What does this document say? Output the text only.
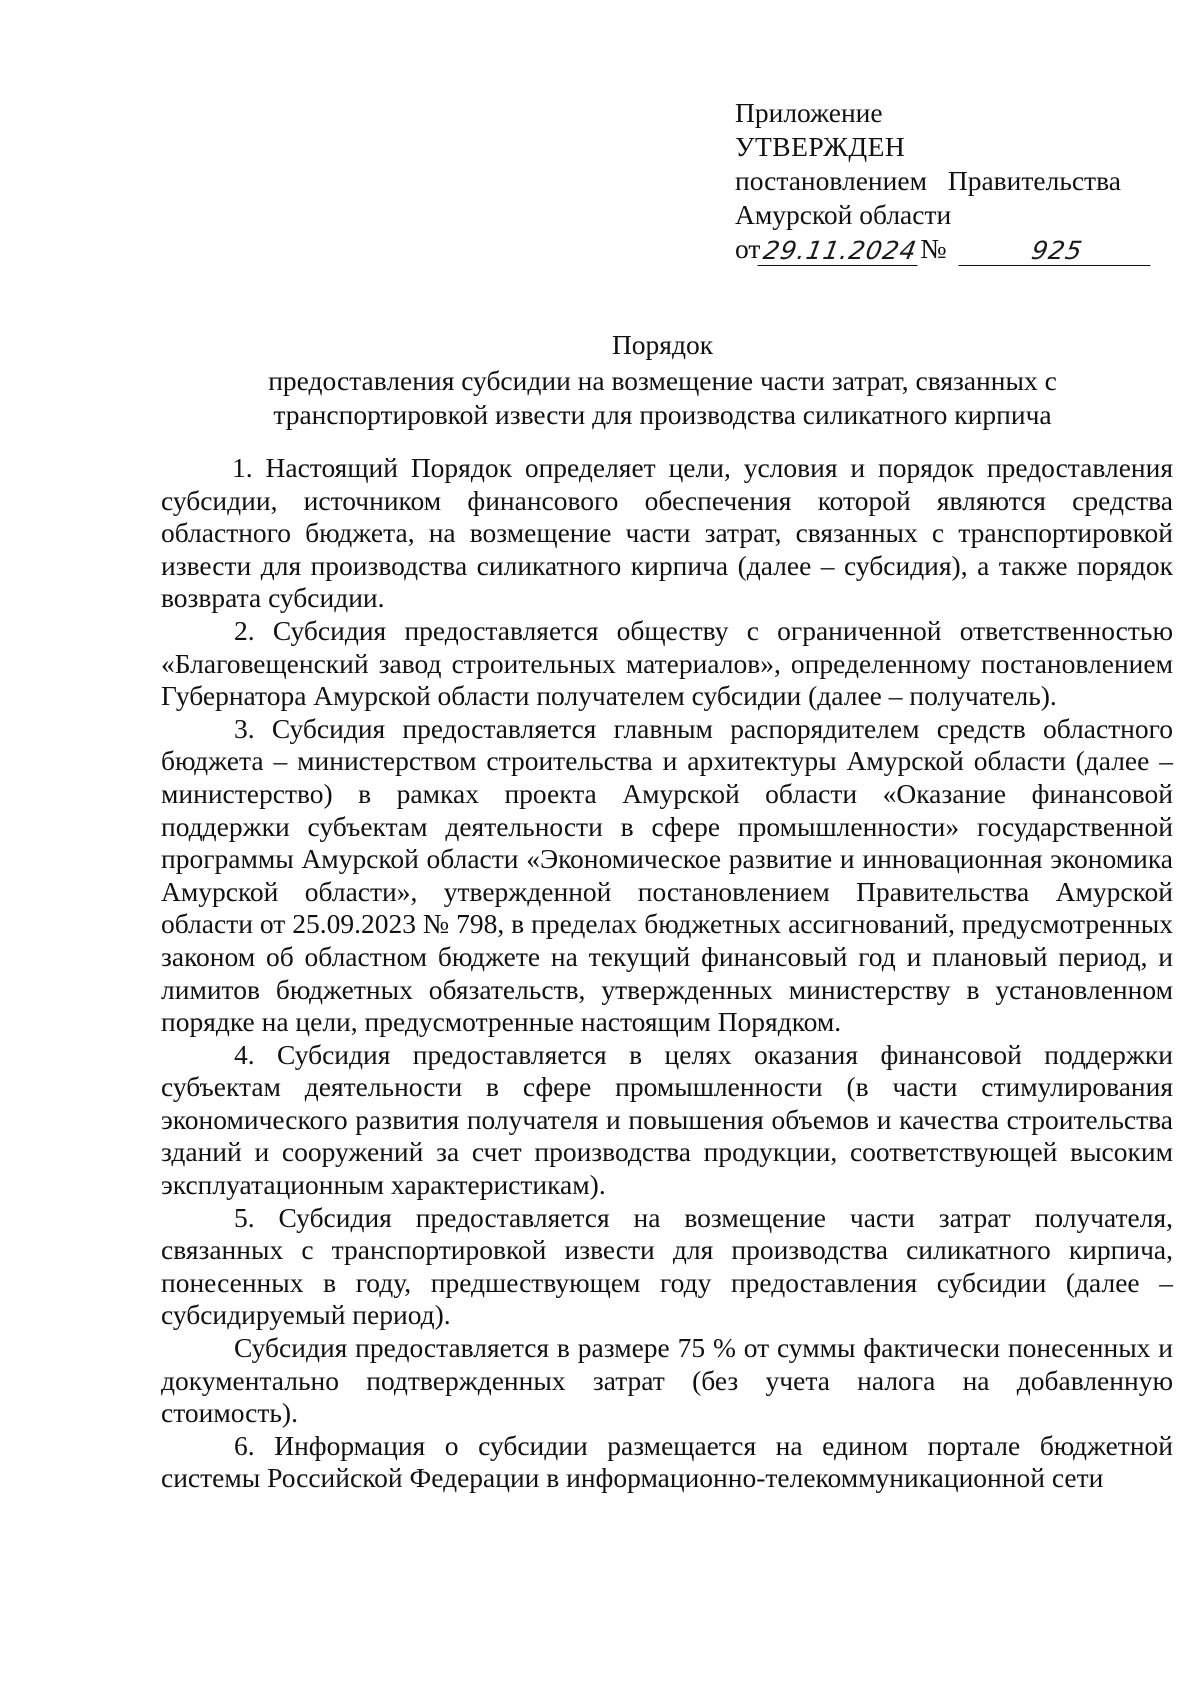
Приложение
УТВЕРЖДЕН
постановлением Правительства
Амурской области
от 29.11.2024 №	925
Порядок
предоставления субсидии на возмещение части затрат, связанных с
транспортировкой извести для производства силикатного кирпича

1. Настоящий Порядок определяет цели, условия и порядок предоставления субсидии, источником финансового обеспечения которой являются средства областного бюджета, на возмещение части затрат, связанных с транспортировкой извести для производства силикатного кирпича (далее – субсидия), а также порядок возврата субсидии.

2. Субсидия предоставляется обществу с ограниченной ответственностью «Благовещенский завод строительных материалов», определенному постановлением Губернатора Амурской области получателем субсидии (далее – получатель).

3. Субсидия предоставляется главным распорядителем средств областного бюджета – министерством строительства и архитектуры Амурской области (далее – министерство) в рамках проекта Амурской области «Оказание финансовой поддержки субъектам деятельности в сфере промышленности» государственной программы Амурской области «Экономическое развитие и инновационная экономика Амурской области», утвержденной постановлением Правительства Амурской области от 25.09.2023 № 798, в пределах бюджетных ассигнований, предусмотренных законом об областном бюджете на текущий финансовый год и плановый период, и лимитов бюджетных обязательств, утвержденных министерству в установленном порядке на цели, предусмотренные настоящим Порядком.

4. Субсидия предоставляется в целях оказания финансовой поддержки субъектам деятельности в сфере промышленности (в части стимулирования экономического развития получателя и повышения объемов и качества строительства зданий и сооружений за счет производства продукции, соответствующей высоким эксплуатационным характеристикам).

5. Субсидия предоставляется на возмещение части затрат получателя, связанных с транспортировкой извести для производства силикатного кирпича, понесенных в году, предшествующем году предоставления субсидии (далее – субсидируемый период).

Субсидия предоставляется в размере 75 % от суммы фактически понесенных и документально подтвержденных затрат (без учета налога на добавленную стоимость).

6. Информация о субсидии размещается на едином портале бюджетной системы Российской Федерации в информационно-телекоммуникационной сети
